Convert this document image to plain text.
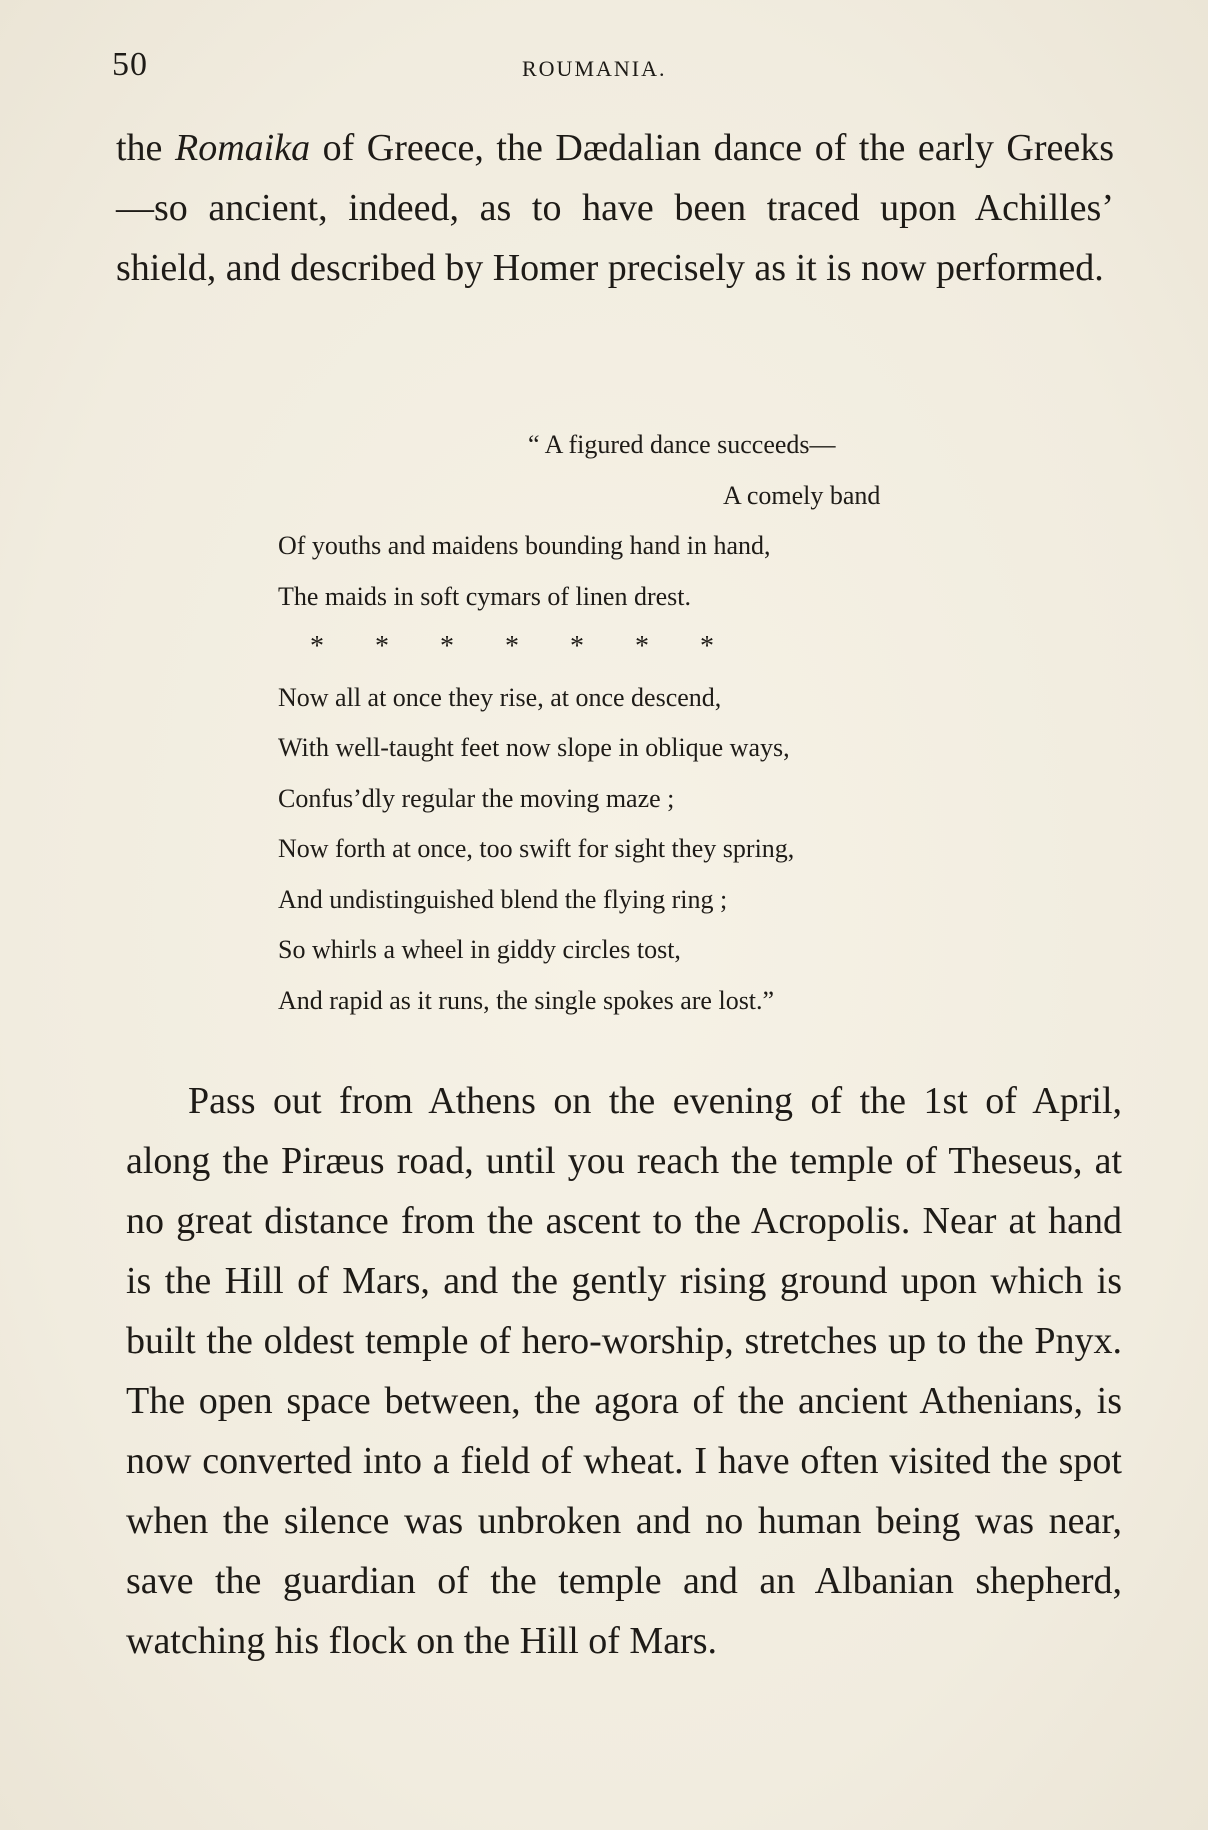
50	ROUMANIA.

the Romaika of Greece, the Dædalian dance of the early Greeks—so ancient, indeed, as to have been traced upon Achilles’ shield, and described by Homer precisely as it is now performed.

“ A figured dance succeeds—
A comely band
Of youths and maidens bounding hand in hand,
The maids in soft cymars of linen drest.
* * * * * * *
Now all at once they rise, at once descend,
With well-taught feet now slope in oblique ways,
Confus’dly regular the moving maze ;
Now forth at once, too swift for sight they spring,
And undistinguished blend the flying ring ;
So whirls a wheel in giddy circles tost,
And rapid as it runs, the single spokes are lost.”

Pass out from Athens on the evening of the 1st of April, along the Piræus road, until you reach the temple of Theseus, at no great distance from the ascent to the Acropolis. Near at hand is the Hill of Mars, and the gently rising ground upon which is built the oldest temple of hero-worship, stretches up to the Pnyx. The open space between, the agora of the ancient Athenians, is now converted into a field of wheat. I have often visited the spot when the silence was unbroken and no human being was near, save the guardian of the temple and an Albanian shepherd, watching his flock on the Hill of Mars.
